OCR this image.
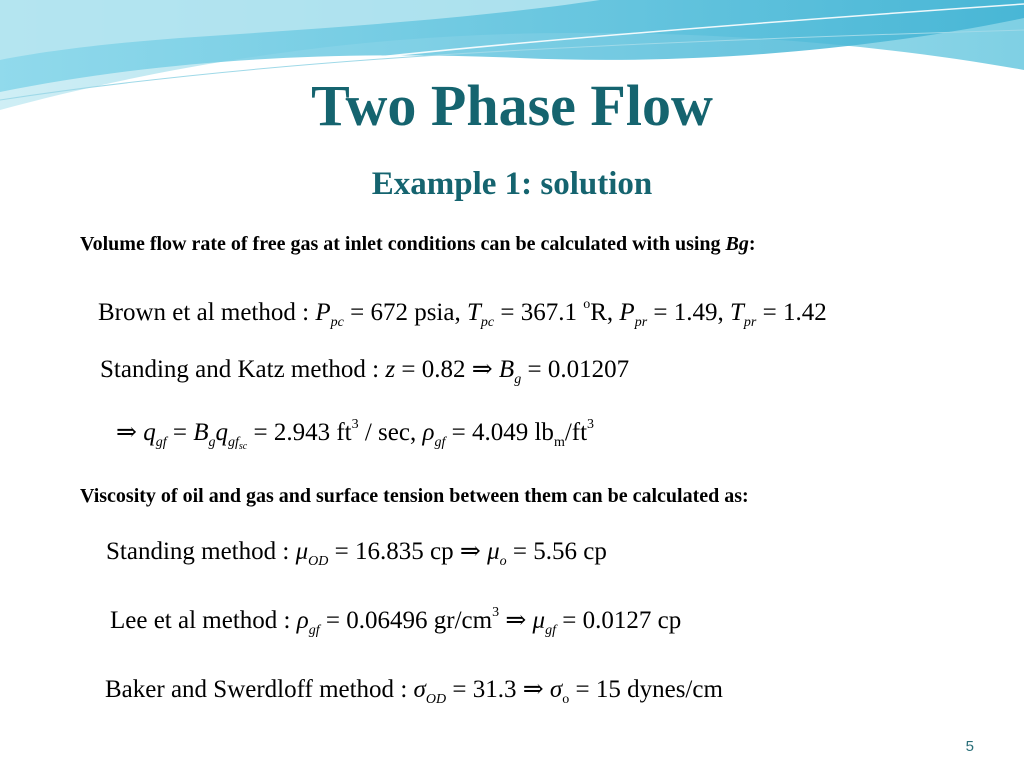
Two Phase Flow
Example 1: solution
Volume flow rate of free gas at inlet conditions can be calculated with using Bg:
Brown et al method : $P_{pc} = 672$ psia, $T_{pc} = 367.1$ $^o$R, $P_{pr} = 1.49$, $T_{pr} = 1.42$
Standing and Katz method : z = 0.82 ⇒ $B_g = 0.01207$
⇒ $q_{gf} = B_gq_{gf_{sc}} = 2.943$ $ft^3$ / sec, $\rho_{gf} = 4.049$ $lb_m/ft^3$
Viscosity of oil and gas and surface tension between them can be calculated as:
Standing method : $\mu_{OD} = 16.835$ cp ⇒ $\mu_o = 5.56$ cp
Lee et al method : $\rho_{gf} = 0.06496$ $gr/cm^3$ ⇒ $\mu_{gf} = 0.0127$ cp
Baker and Swerdloff method : $\sigma_{OD} = 31.3$ ⇒ $\sigma_o = 15$ dynes/cm
5
